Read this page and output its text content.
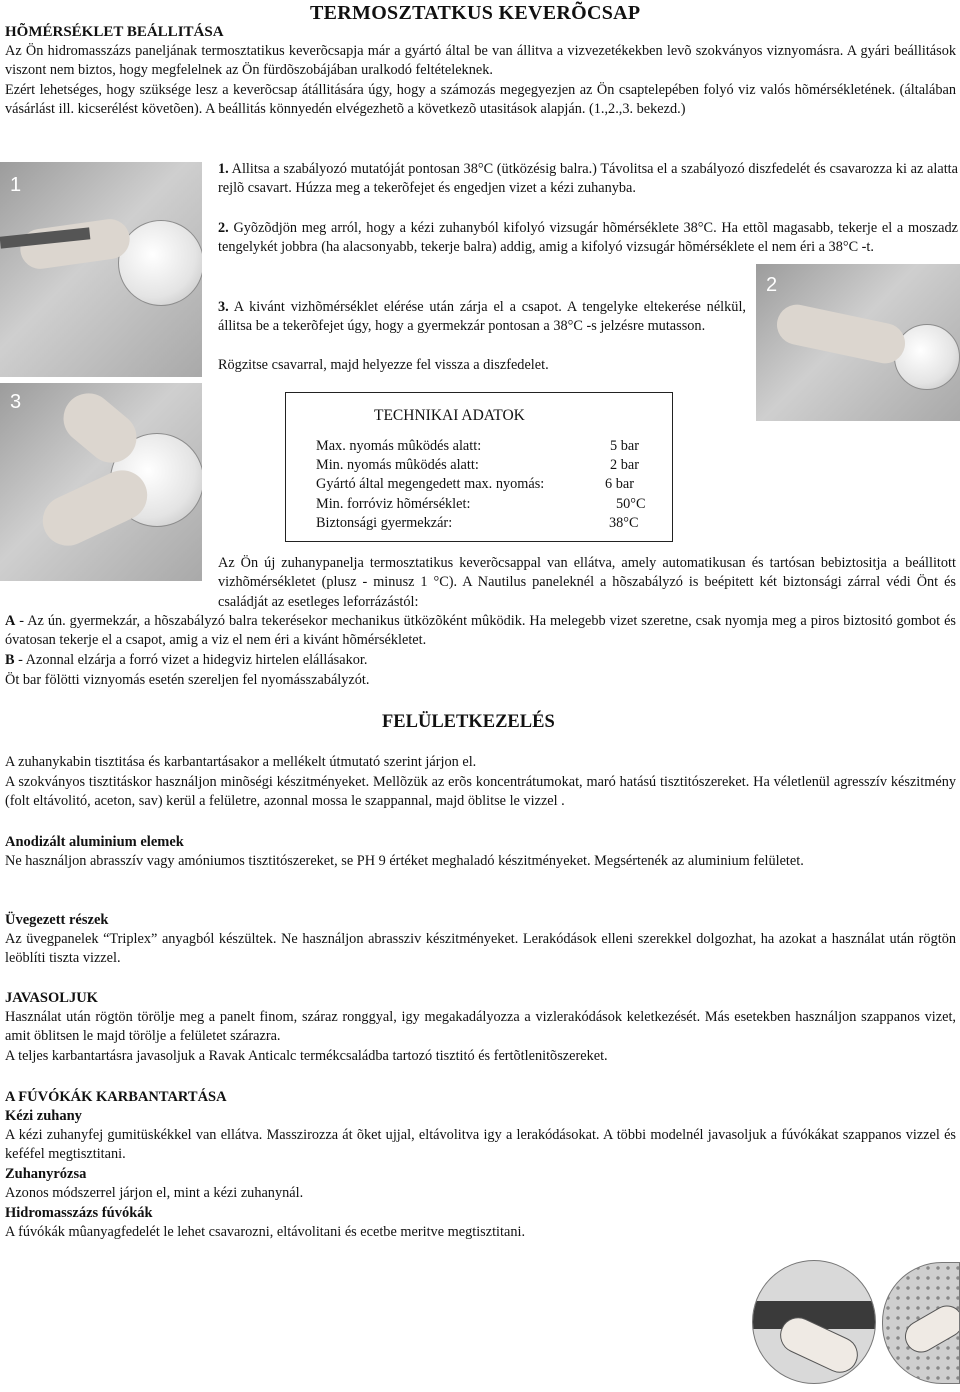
TERMOSZTATKUS KEVERÕCSAP
HÕMÉRSÉKLET BEÁLLITÁSA

Az Ön hidromasszázs paneljának termosztatikus keverõcsapja már a gyártó által be van állitva a vizvezetékekben levõ szokványos viznyomásra. A gyári beállitások viszont nem biztos, hogy megfelelnek az Ön fürdõszobájában uralkodó feltételeknek.

Ezért lehetséges, hogy szüksége lesz a keverõcsap átállitására úgy, hogy a számozás megegyezjen az Ön csaptelepében folyó viz valós hõmérsékletének. (általában vásárlást ill. kicserélést követõen). A beállitás könnyedén elvégezhetõ a következõ utasitások alapján. (1.,2.,3. bekezd.)

1

1. Allitsa a szabályozó mutatóját pontosan 38°C (ütközésig balra.) Távolitsa el a szabályozó diszfedelét és csavarozza ki az alatta rejlõ csavart. Húzza meg a tekerõfejet és engedjen vizet a kézi zuhanyba.

2. Gyõzõdjön meg arról, hogy a kézi zuhanyból kifolyó vizsugár hõmérséklete 38°C. Ha ettõl magasabb, tekerje el a moszadz tengelykét jobbra (ha alacsonyabb, tekerje balra) addig, amig a kifolyó vizsugár hõmérséklete el nem éri a 38°C -t.

2

3. A kivánt vizhõmérséklet elérése után zárja el a csapot. A tengelyke eltekerése nélkül, állitsa be a tekerõfejet úgy, hogy a gyermekzár pontosan a 38°C -s jelzésre mutasson.

Rögzitse csavarral, majd helyezze fel vissza a diszfedelet.

3
TECHNIKAI ADATOK
Max. nyomás mûködés alatt:	5 bar
Min. nyomás mûködés alatt:	2 bar
Gyártó által megengedett max. nyomás:	6 bar
Min. forróviz hõmérséklet:	50°C
Biztonsági gyermekzár:	38°C

Az Ön új zuhanypanelja termosztatikus keverõcsappal van ellátva, amely automatikusan és tartósan bebiztositja a beállitott vizhõmérsékletet (plusz - minusz 1 °C). A Nautilus paneleknél a hõszabályzó is beépitett két biztonsági zárral védi Önt és családját az esetleges leforrázástól:

A - Az ún. gyermekzár, a hõszabályzó balra tekerésekor mechanikus ütközõként mûködik. Ha melegebb vizet szeretne, csak nyomja meg a piros biztositó gombot és óvatosan tekerje el a csapot, amig a viz el nem éri a kivánt hõmérsékletet.

B - Azonnal elzárja a forró vizet a hidegviz hirtelen elállásakor.

Öt bar fölötti viznyomás esetén szereljen fel nyomásszabályzót.

FELÜLETKEZELÉS

A zuhanykabin tisztitása és karbantartásakor a mellékelt útmutató szerint járjon el.

A szokványos tisztitáskor használjon minõségi készitményeket. Mellõzük az erõs koncentrátumokat, maró hatású tisztitószereket. Ha véletlenül agresszív készitmény (folt eltávolitó, aceton, sav) kerül a felületre, azonnal mossa le szappannal, majd öblitse le vizzel .

Anodizált aluminium elemek

Ne használjon abrasszív vagy amóniumos tisztitószereket, se PH 9 értéket meghaladó készitményeket. Megsértenék az aluminium felületet.

Üvegezett részek

Az üvegpanelek “Triplex” anyagból készültek. Ne használjon abrassziv készitményeket. Lerakódások elleni szerekkel dolgozhat, ha azokat a használat után rögtön leöblíti tiszta vizzel.

JAVASOLJUK

Használat után rögtön törölje meg a panelt finom, száraz ronggyal, igy megakadályozza a vizlerakódások keletkezését. Más esetekben használjon szappanos vizet, amit öblitsen le majd törölje a felületet szárazra.

A teljes karbantartásra javasoljuk a Ravak Anticalc termékcsaládba tartozó tisztitó és fertõtlenitõszereket.

A FÚVÓKÁK KARBANTARTÁSA
Kézi zuhany

A kézi zuhanyfej gumitüskékkel van ellátva. Masszirozza át õket ujjal, eltávolitva igy a lerakódásokat. A többi modelnél javasoljuk a fúvókákat szappanos vizzel és keféfel megtisztitani.

Zuhanyrózsa

Azonos módszerrel járjon el, mint a kézi zuhanynál.

Hidromasszázs fúvókák

A fúvókák mûanyagfedelét le lehet csavarozni, eltávolitani és ecetbe meritve megtisztitani.
